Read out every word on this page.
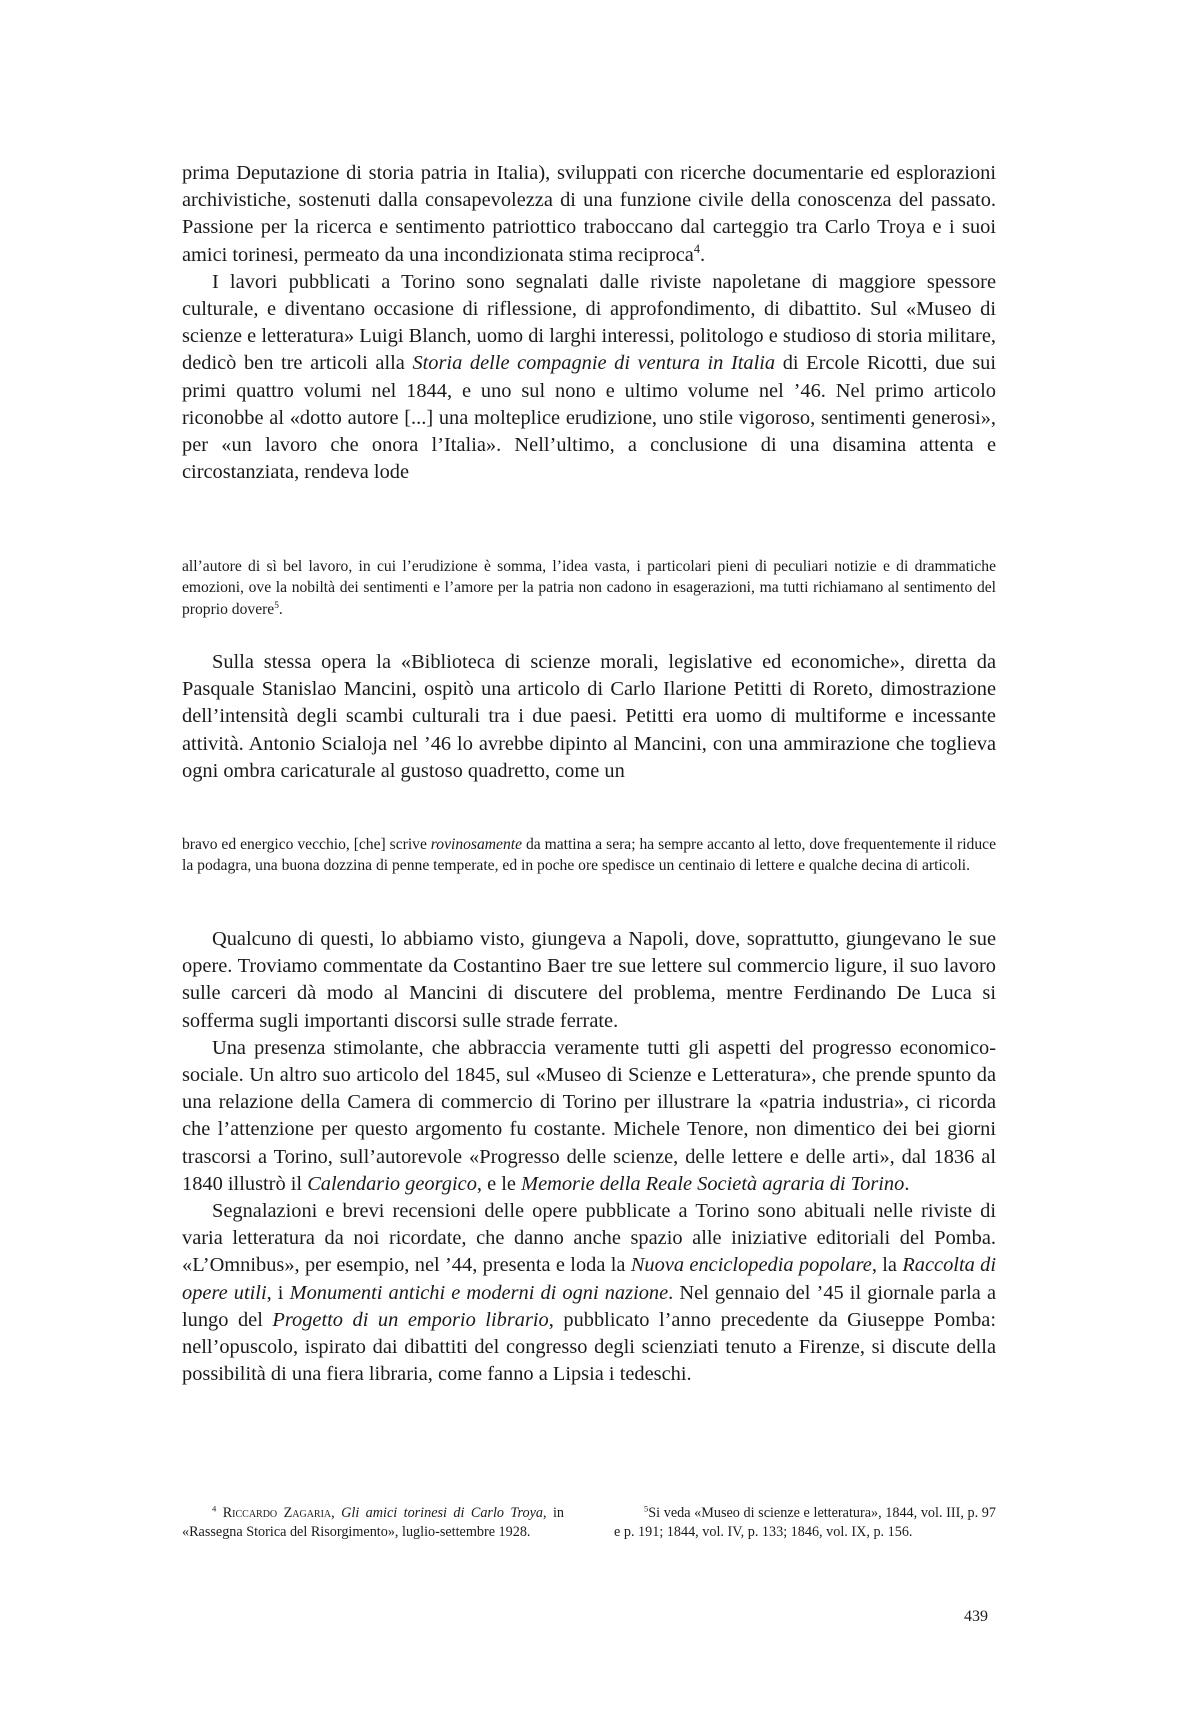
prima Deputazione di storia patria in Italia), sviluppati con ricerche documentarie ed esplorazioni archivistiche, sostenuti dalla consapevolezza di una funzione civile della conoscenza del passato. Passione per la ricerca e sentimento patriottico traboccano dal carteggio tra Carlo Troya e i suoi amici torinesi, permeato da una incondizionata stima reciproca$^4$.

I lavori pubblicati a Torino sono segnalati dalle riviste napoletane di maggiore spessore culturale, e diventano occasione di riflessione, di approfondimento, di dibattito. Sul «Museo di scienze e letteratura» Luigi Blanch, uomo di larghi interessi, politologo e studioso di storia militare, dedicò ben tre articoli alla Storia delle compagnie di ventura in Italia di Ercole Ricotti, due sui primi quattro volumi nel 1844, e uno sul nono e ultimo volume nel ’46. Nel primo articolo riconobbe al «dotto autore [...] una molteplice erudizione, uno stile vigoroso, sentimenti generosi», per «un lavoro che onora l’Italia». Nell’ultimo, a conclusione di una disamina attenta e circostanziata, rendeva lode

all’autore di sì bel lavoro, in cui l’erudizione è somma, l’idea vasta, i particolari pieni di peculiari notizie e di drammatiche emozioni, ove la nobiltà dei sentimenti e l’amore per la patria non cadono in esagerazioni, ma tutti richiamano al sentimento del proprio dovere$^5$.

Sulla stessa opera la «Biblioteca di scienze morali, legislative ed economiche», diretta da Pasquale Stanislao Mancini, ospitò una articolo di Carlo Ilarione Petitti di Roreto, dimostrazione dell’intensità degli scambi culturali tra i due paesi. Petitti era uomo di multiforme e incessante attività. Antonio Scialoja nel ’46 lo avrebbe dipinto al Mancini, con una ammirazione che toglieva ogni ombra caricaturale al gustoso quadretto, come un

bravo ed energico vecchio, [che] scrive rovinosamente da mattina a sera; ha sempre accanto al letto, dove frequentemente il riduce la podagra, una buona dozzina di penne temperate, ed in poche ore spedisce un centinaio di lettere e qualche decina di articoli.

Qualcuno di questi, lo abbiamo visto, giungeva a Napoli, dove, soprattutto, giungevano le sue opere. Troviamo commentate da Costantino Baer tre sue lettere sul commercio ligure, il suo lavoro sulle carceri dà modo al Mancini di discutere del problema, mentre Ferdinando De Luca si sofferma sugli importanti discorsi sulle strade ferrate.

Una presenza stimolante, che abbraccia veramente tutti gli aspetti del progresso economico-sociale. Un altro suo articolo del 1845, sul «Museo di Scienze e Letteratura», che prende spunto da una relazione della Camera di commercio di Torino per illustrare la «patria industria», ci ricorda che l’attenzione per questo argomento fu costante. Michele Tenore, non dimentico dei bei giorni trascorsi a Torino, sull’autorevole «Progresso delle scienze, delle lettere e delle arti», dal 1836 al 1840 illustrò il Calendario georgico, e le Memorie della Reale Società agraria di Torino.

Segnalazioni e brevi recensioni delle opere pubblicate a Torino sono abituali nelle riviste di varia letteratura da noi ricordate, che danno anche spazio alle iniziative editoriali del Pomba. «L’Omnibus», per esempio, nel ’44, presenta e loda la Nuova enciclopedia popolare, la Raccolta di opere utili, i Monumenti antichi e moderni di ogni nazione. Nel gennaio del ’45 il giornale parla a lungo del Progetto di un emporio librario, pubblicato l’anno precedente da Giuseppe Pomba: nell’opuscolo, ispirato dai dibattiti del congresso degli scienziati tenuto a Firenze, si discute della possibilità di una fiera libraria, come fanno a Lipsia i tedeschi.

$^4$ Riccardo Zagaria, Gli amici torinesi di Carlo Troya, in «Rassegna Storica del Risorgimento», luglio-settembre 1928.
$^5$Si veda «Museo di scienze e letteratura», 1844, vol. III, p. 97 e p. 191; 1844, vol. IV, p. 133; 1846, vol. IX, p. 156.
439
